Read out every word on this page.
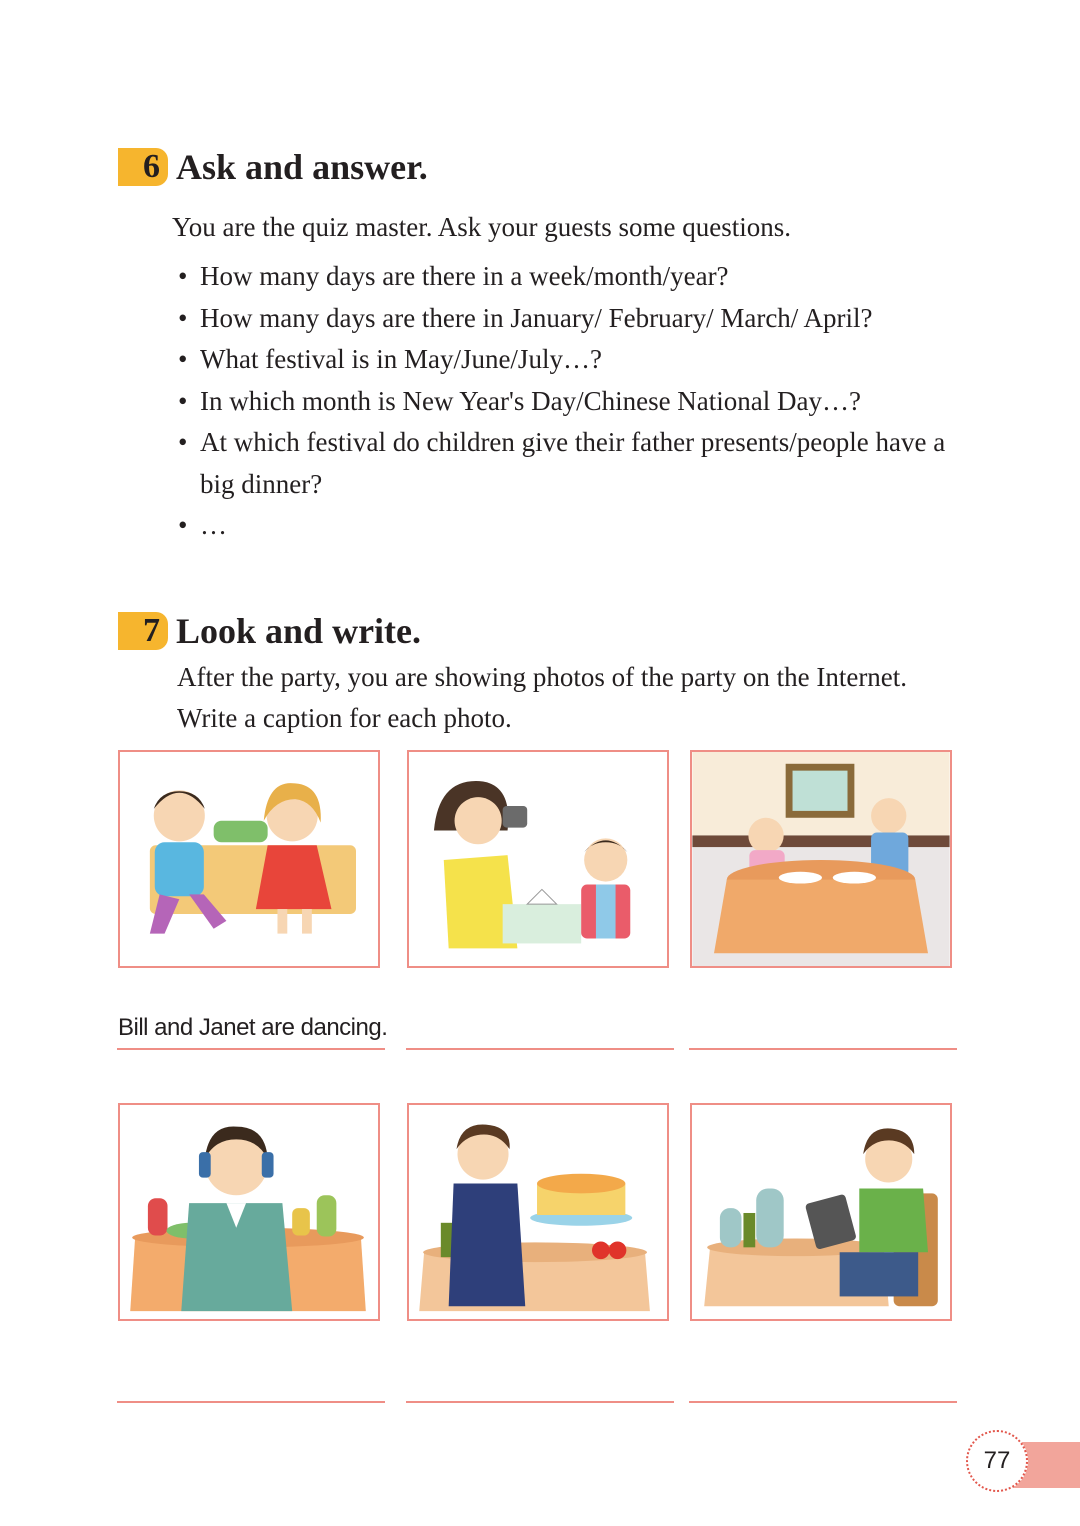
6 Ask and answer.

You are the quiz master. Ask your guests some questions.

• How many days are there in a week/month/year?
• How many days are there in January/ February/ March/ April?
• What festival is in May/June/July…?
• In which month is New Year's Day/Chinese National Day…?
• At which festival do children give their father presents/people have a big dinner?
• …
7 Look and write.

After the party, you are showing photos of the party on the Internet.

Write a caption for each photo.

Bill and Janet are dancing.
77
